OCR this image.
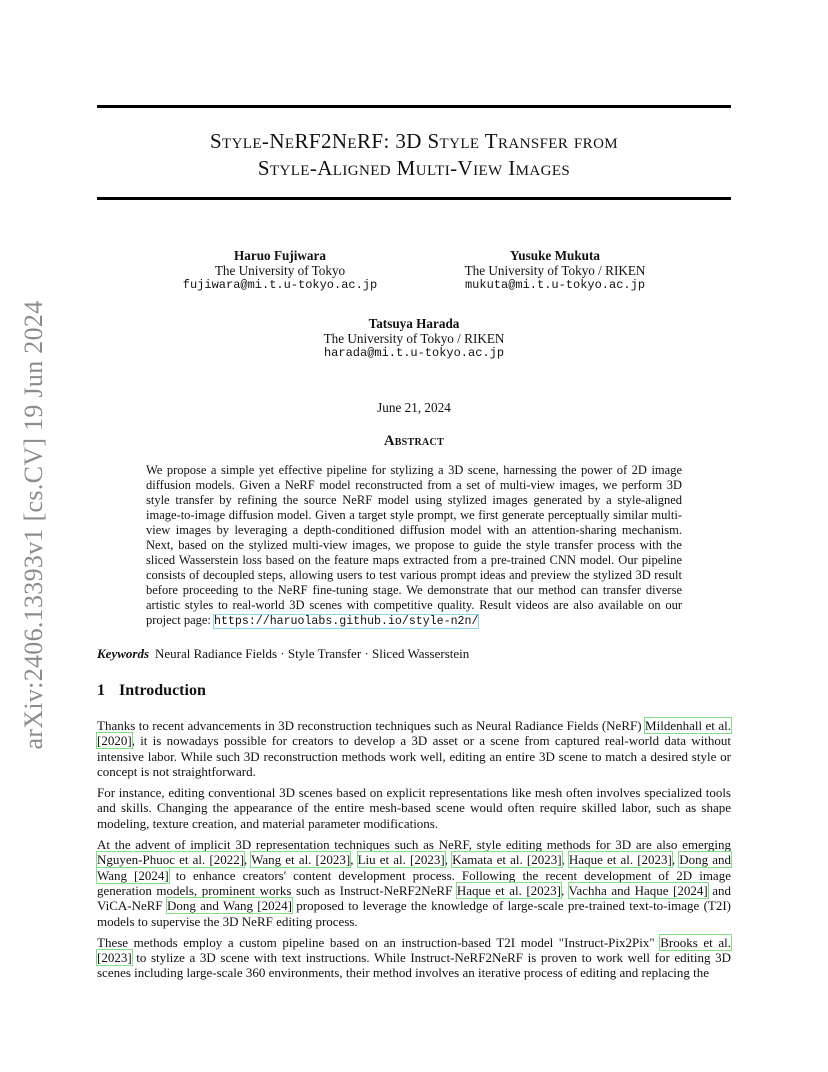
arXiv:2406.13393v1 [cs.CV] 19 Jun 2024
Style-NeRF2NeRF: 3D Style Transfer from
Style-Aligned Multi-View Images
Haruo Fujiwara
The University of Tokyo
fujiwara@mi.t.u-tokyo.ac.jp
Yusuke Mukuta
The University of Tokyo / RIKEN
mukuta@mi.t.u-tokyo.ac.jp
Tatsuya Harada
The University of Tokyo / RIKEN
harada@mi.t.u-tokyo.ac.jp
June 21, 2024
Abstract
We propose a simple yet effective pipeline for stylizing a 3D scene, harnessing the power of 2D image diffusion models. Given a NeRF model reconstructed from a set of multi-view images, we perform 3D style transfer by refining the source NeRF model using stylized images generated by a style-aligned image-to-image diffusion model. Given a target style prompt, we first generate perceptually similar multi-view images by leveraging a depth-conditioned diffusion model with an attention-sharing mechanism. Next, based on the stylized multi-view images, we propose to guide the style transfer process with the sliced Wasserstein loss based on the feature maps extracted from a pre-trained CNN model. Our pipeline consists of decoupled steps, allowing users to test various prompt ideas and preview the stylized 3D result before proceeding to the NeRF fine-tuning stage. We demonstrate that our method can transfer diverse artistic styles to real-world 3D scenes with competitive quality. Result videos are also available on our project page: https://haruolabs.github.io/style-n2n/
Keywords Neural Radiance Fields · Style Transfer · Sliced Wasserstein
1 Introduction

Thanks to recent advancements in 3D reconstruction techniques such as Neural Radiance Fields (NeRF) Mildenhall et al. [2020], it is nowadays possible for creators to develop a 3D asset or a scene from captured real-world data without intensive labor. While such 3D reconstruction methods work well, editing an entire 3D scene to match a desired style or concept is not straightforward.

For instance, editing conventional 3D scenes based on explicit representations like mesh often involves specialized tools and skills. Changing the appearance of the entire mesh-based scene would often require skilled labor, such as shape modeling, texture creation, and material parameter modifications.

At the advent of implicit 3D representation techniques such as NeRF, style editing methods for 3D are also emerging Nguyen-Phuoc et al. [2022], Wang et al. [2023], Liu et al. [2023], Kamata et al. [2023], Haque et al. [2023], Dong and Wang [2024] to enhance creators' content development process. Following the recent development of 2D image generation models, prominent works such as Instruct-NeRF2NeRF Haque et al. [2023], Vachha and Haque [2024] and ViCA-NeRF Dong and Wang [2024] proposed to leverage the knowledge of large-scale pre-trained text-to-image (T2I) models to supervise the 3D NeRF editing process.

These methods employ a custom pipeline based on an instruction-based T2I model "Instruct-Pix2Pix" Brooks et al. [2023] to stylize a 3D scene with text instructions. While Instruct-NeRF2NeRF is proven to work well for editing 3D scenes including large-scale 360 environments, their method involves an iterative process of editing and replacing the
